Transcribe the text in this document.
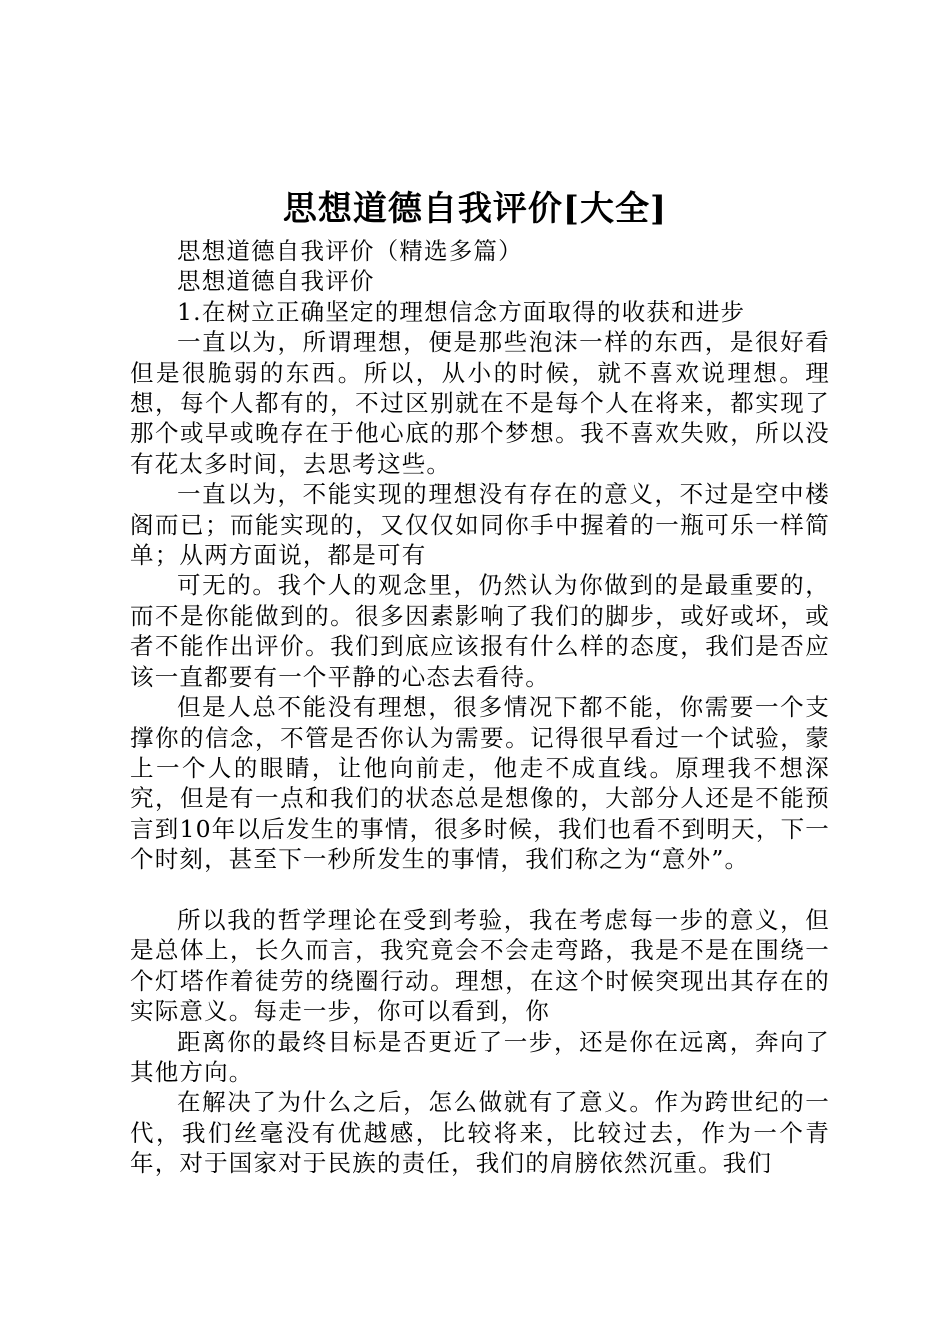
思想道德自我评价[大全]

思想道德自我评价（精选多篇）

思想道德自我评价

1.在树立正确坚定的理想信念方面取得的收获和进步

一直以为，所谓理想，便是那些泡沫一样的东西，是很好看但是很脆弱的东西。所以，从小的时候，就不喜欢说理想。理想，每个人都有的，不过区别就在不是每个人在将来，都实现了那个或早或晚存在于他心底的那个梦想。我不喜欢失败，所以没有花太多时间，去思考这些。

一直以为，不能实现的理想没有存在的意义，不过是空中楼阁而已；而能实现的，又仅仅如同你手中握着的一瓶可乐一样简单；从两方面说，都是可有

可无的。我个人的观念里，仍然认为你做到的是最重要的，而不是你能做到的。很多因素影响了我们的脚步，或好或坏，或者不能作出评价。我们到底应该报有什么样的态度，我们是否应该一直都要有一个平静的心态去看待。

但是人总不能没有理想，很多情况下都不能，你需要一个支撑你的信念，不管是否你认为需要。记得很早看过一个试验，蒙上一个人的眼睛，让他向前走，他走不成直线。原理我不想深究，但是有一点和我们的状态总是想像的，大部分人还是不能预言到10年以后发生的事情，很多时候，我们也看不到明天，下一个时刻，甚至下一秒所发生的事情，我们称之为“意外”。

所以我的哲学理论在受到考验，我在考虑每一步的意义，但是总体上，长久而言，我究竟会不会走弯路，我是不是在围绕一个灯塔作着徒劳的绕圈行动。理想，在这个时候突现出其存在的实际意义。每走一步，你可以看到，你

距离你的最终目标是否更近了一步，还是你在远离，奔向了其他方向。

在解决了为什么之后，怎么做就有了意义。作为跨世纪的一代，我们丝毫没有优越感，比较将来，比较过去，作为一个青年，对于国家对于民族的责任，我们的肩膀依然沉重。我们
